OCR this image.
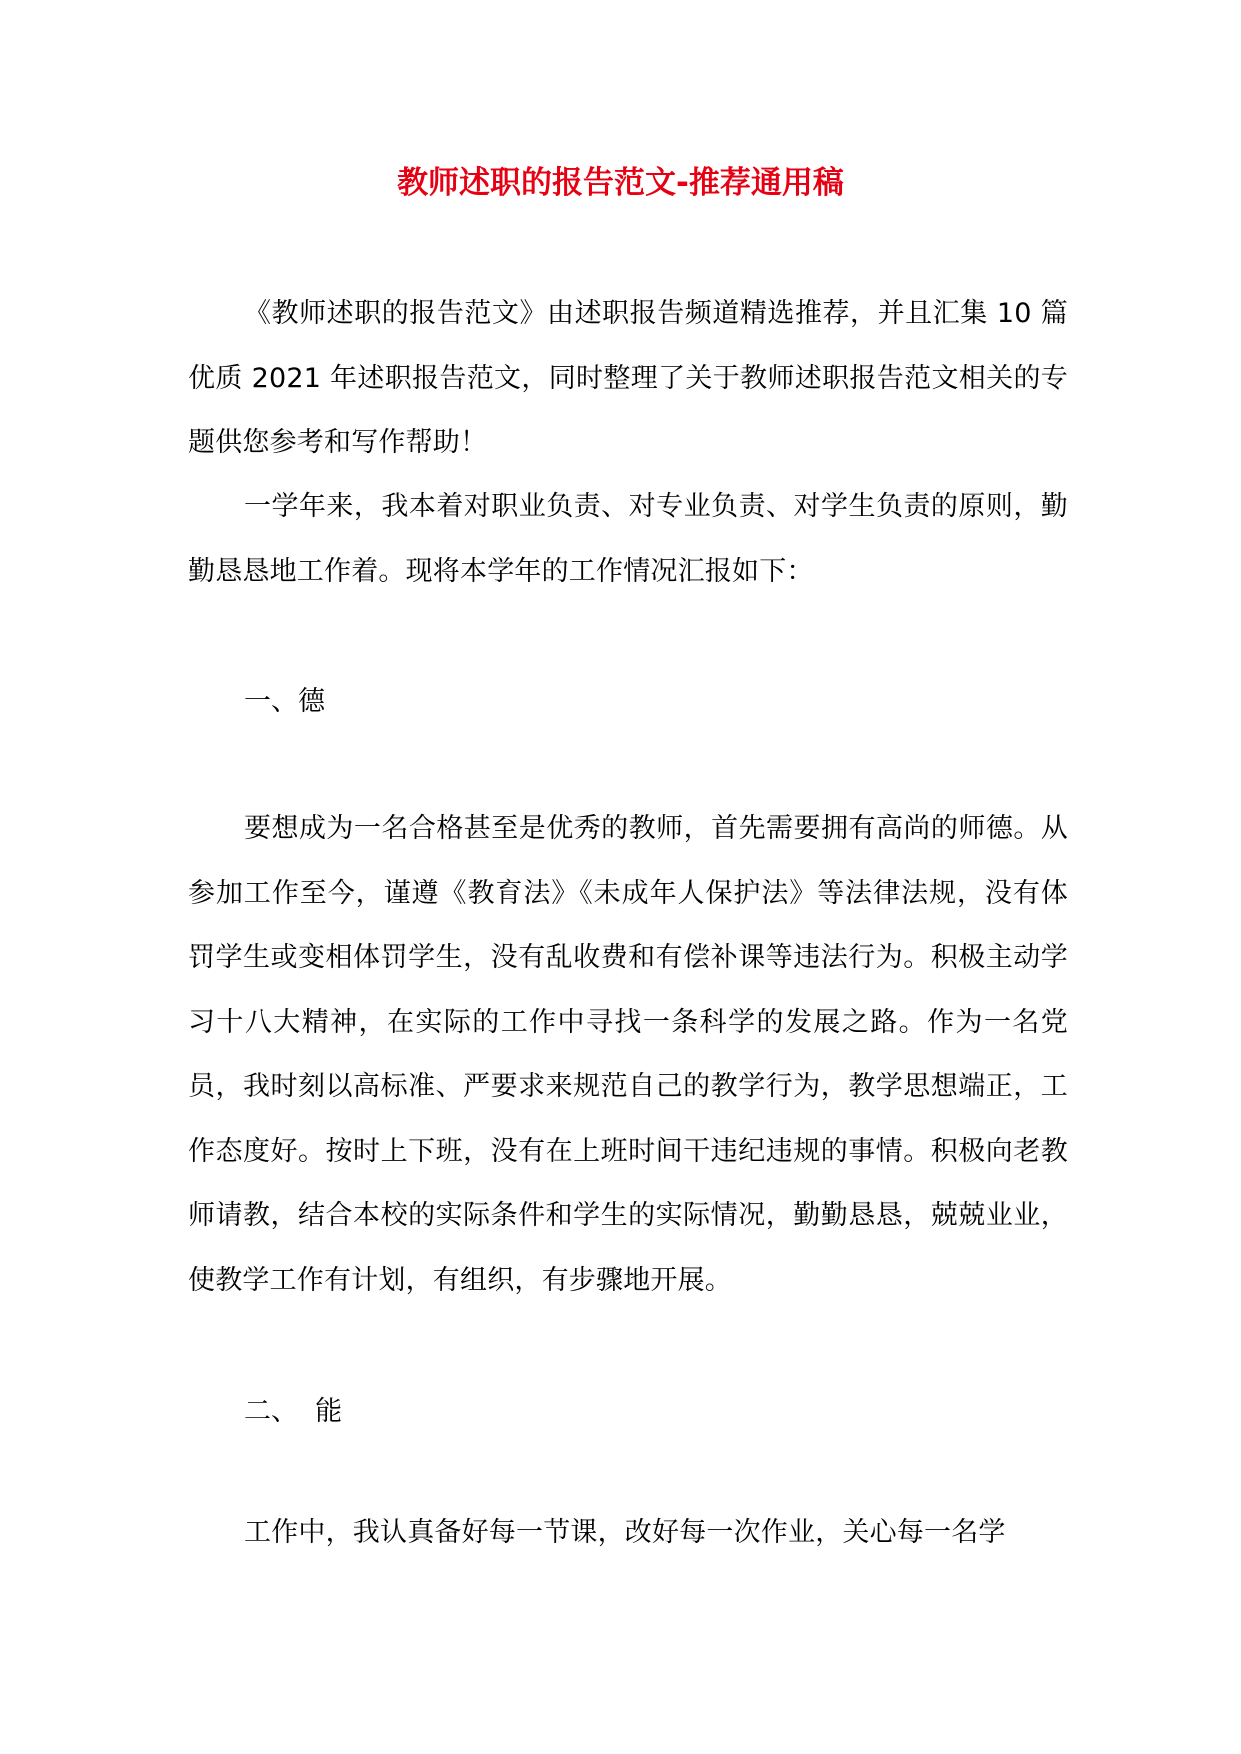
教师述职的报告范文-推荐通用稿

《教师述职的报告范文》由述职报告频道精选推荐，并且汇集 10 篇优质 2021 年述职报告范文，同时整理了关于教师述职报告范文相关的专题供您参考和写作帮助！

一学年来，我本着对职业负责、对专业负责、对学生负责的原则，勤勤恳恳地工作着。现将本学年的工作情况汇报如下：

一、德

要想成为一名合格甚至是优秀的教师，首先需要拥有高尚的师德。从参加工作至今，谨遵《教育法》《未成年人保护法》等法律法规，没有体罚学生或变相体罚学生，没有乱收费和有偿补课等违法行为。积极主动学习十八大精神，在实际的工作中寻找一条科学的发展之路。作为一名党员，我时刻以高标准、严要求来规范自己的教学行为，教学思想端正，工作态度好。按时上下班，没有在上班时间干违纪违规的事情。积极向老教师请教，结合本校的实际条件和学生的实际情况，勤勤恳恳，兢兢业业，使教学工作有计划，有组织，有步骤地开展。

二、  能

工作中，我认真备好每一节课，改好每一次作业，关心每一名学
